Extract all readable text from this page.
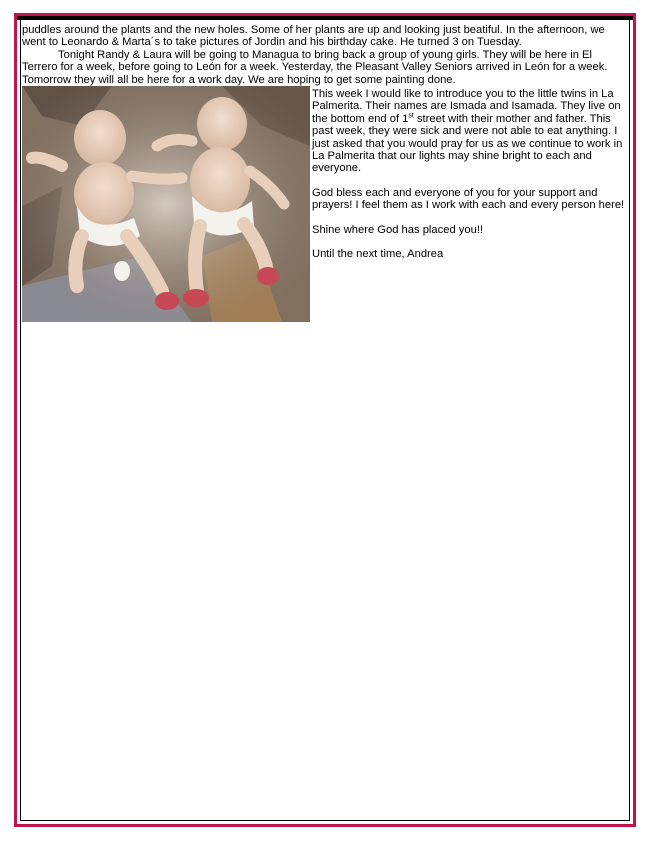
puddles around the plants and the new holes. Some of her plants are up and looking just beatiful. In the afternoon, we went to Leonardo & Marta´s to take pictures of Jordin and his birthday cake. He turned 3 on Tuesday.

Tonight Randy & Laura will be going to Managua to bring back a group of young girls. They will be here in El Terrero for a week, before going to León for a week. Yesterday, the Pleasant Valley Seniors arrived in León for a week. Tomorrow they will all be here for a work day. We are hoping to get some painting done.

This week I would like to introduce you to the little twins in La Palmerita. Their names are Ismada and Isamada. They live on the bottom end of 1st street with their mother and father. This past week, they were sick and were not able to eat anything. I just asked that you would pray for us as we continue to work in La Palmerita that our lights may shine bright to each and everyone.

God bless each and everyone of you for your support and prayers! I feel them as I work with each and every person here!

Shine where God has placed you!!

Until the next time, Andrea
